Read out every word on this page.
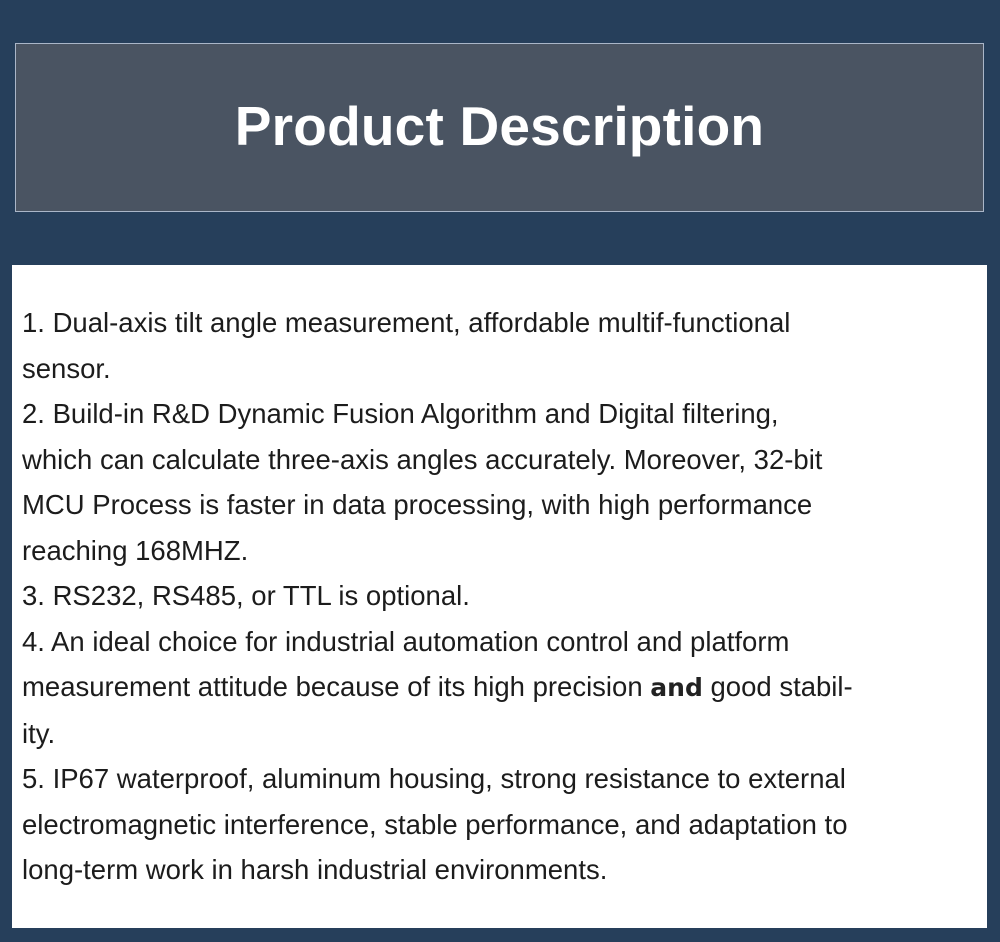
Product Description
1. Dual-axis tilt angle measurement, affordable multif-functional
sensor.
2. Build-in R&D Dynamic Fusion Algorithm and Digital filtering,
which can calculate three-axis angles accurately. Moreover, 32-bit
MCU Process is faster in data processing, with high performance
reaching 168MHZ.
3. RS232, RS485, or TTL is optional.
4. An ideal choice for industrial automation control and platform
measurement attitude because of its high precision and good stabil-
ity.
5. IP67 waterproof, aluminum housing, strong resistance to external
electromagnetic interference, stable performance, and adaptation to
long-term work in harsh industrial environments.
